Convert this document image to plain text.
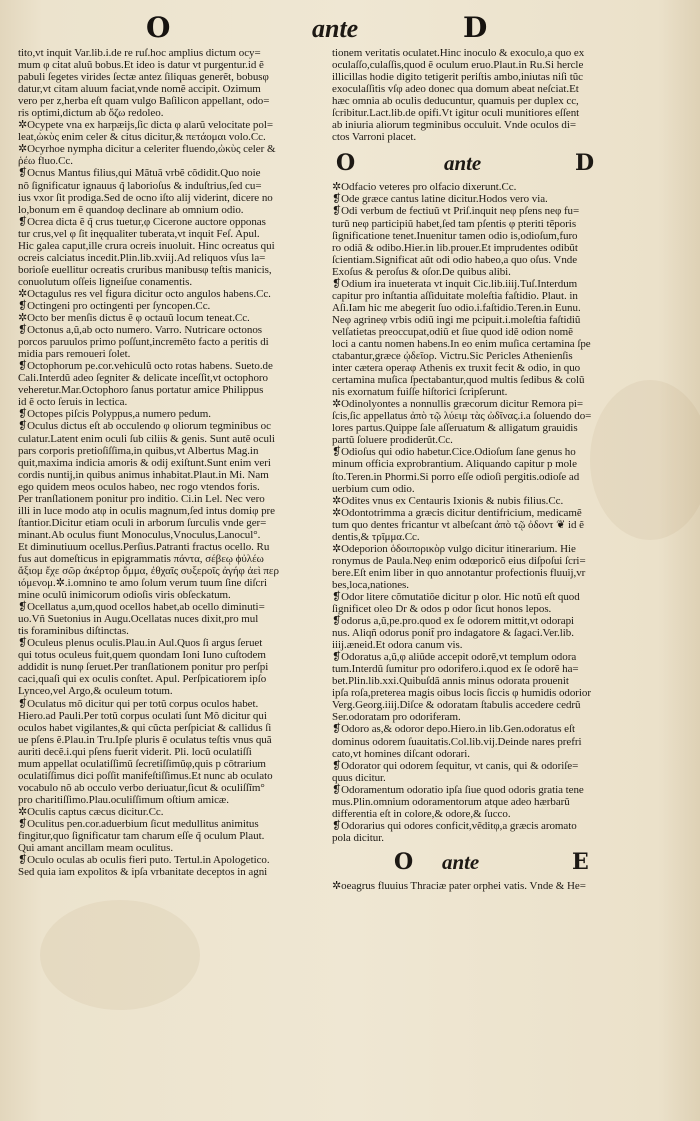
O	ante	D
tito,vt inquit Var.lib.i.de re ruſ.hoc amplius dictum ocy=
mum φ citat aluũ bobus.Et ideo is datur vt purgentur.id ẽ
pabuli ſegetes virides ſectæ antez ſiliquas generẽt, bobusφ
datur,vt citam aluum faciat,vnde nomẽ accipit. Ozimum
vero per z,herba eſt quam vulgo Baſilicon appellant, odo=
ris optimi,dictum ab ὄζω redoleo.
✲Ocypete vna ex harpæijs,ſic dicta φ alarũ velocitate pol=
leat,ὠκὺς enim celer & citus dicitur,& πετάομαι volo.Cc.
✲Ocyrhoe nympha dicitur a celeriter fluendo,ὠκὺς celer &
ῥέω fluo.Cc.
❡Ocnus Mantus filius,qui Mãtuã vrbẽ cõdidit.Quo noie
nõ ſignificatur ignauus q̃ laborioſus & induſtrius,ſed cu=
ius vxor ſit prodiga.Sed de ocno iſto alij viderint, dicere no
lo,bonum em ẽ quandoφ declinare ab omnium odio.
❡Ocrea dicta ẽ q̃ crus tuetur,φ Cicerone auctore opponas
tur crus,vel φ ſit inęqualiter tuberata,vt inquit Feſ. Apul.
Hic galea caput,ille crura ocreis inuoluit. Hinc ocreatus qui
ocreis calciatus incedit.Plin.lib.xviij.Ad reliquos vſus la=
borioſe euellitur ocreatis cruribus manibusφ teſtis manicis,
conuolutum oſſeis ligneiſue conamentis.
✲Octagulus res vel figura dicitur octo angulos habens.Cc.
❡Octingeni pro octingenti per ſyncopen.Cc.
✲Octo ber menſis dictus ẽ φ octauũ locum teneat.Cc.
❡Octonus a,ũ,ab octo numero. Varro. Nutricare octonos
porcos paruulos primo poſſunt,incremẽto facto a peritis di
midia pars remoueri ſolet.
❡Octophorum pe.cor.vehiculũ octo rotas habens. Sueto.de
Cali.Interdũ adeo ſegniter & delicate inceſſit,vt octophoro
veheretur.Mar.Octophoro ſanus portatur amice Philippus
id ẽ octo ſeruis in lectica.
❡Octopes piſcis Polyppus,a numero pedum.
❡Oculus dictus eſt ab occulendo φ oliorum tegminibus oc
culatur.Latent enim oculi ſub ciliis & genis. Sunt autẽ oculi
pars corporis pretioſiſſima,in quibus,vt Albertus Mag.in
quit,maxima indicia amoris & odij exiſtunt.Sunt enim veri
cordis nuntij,in quibus animus inhabitat.Plaut.in Mi. Nam
ego quidem meos oculos habeo, nec rogo vtendos foris.
Per tranſlationem ponitur pro inditio. Ci.in Lel. Nec vero
illi in luce modo atφ in oculis magnum,ſed intus domiφ pre
ſtantior.Dicitur etiam oculi in arborum ſurculis vnde ger=
minant.Ab oculus fiunt Monoculus,Vnoculus,Lanocul°.
Et diminutiuum ocellus.Perſius.Patranti fractus ocello. Ru
fus aut domeſticus in epigrammatis πάντα, σέβεῳ ϕὐλέω
ἄξιομ ἔχε σῶρ ἀκέρτορ ὄμμα, ἐθχαῖς συξεροῖς ἀγήφ ἀεὶ περ
ιόμενομ.✲.i.omnino te amo ſolum verum tuum ſine diſcri
mine oculũ inimicorum odioſis viris obſeckatum.
❡Ocellatus a,um,quod ocellos habet,ab ocello diminuti=
uo.Vñ Suetonius in Augu.Ocellatas nuces dixit,pro mul
tis foraminibus diſtinctas.
❡Oculeus plenus oculis.Plau.in Aul.Quos ſi argus ſeruet
qui totus oculeus fuit,quem quondam Ioni Iuno cuſtodem
addidit is nunφ ſeruet.Per tranſlationem ponitur pro perſpi
caci,quaſi qui ex oculis conſtet. Apul. Perſpicatiorem ipſo
Lynceo,vel Argo,& oculeum totum.
❡Oculatus mõ dicitur qui per totũ corpus oculos habet.
Hiero.ad Pauli.Per totũ corpus oculati ſunt Mõ dicitur qui
oculos habet vigilantes,& qui cũcta perſpiciat & callidus ſi
ue pſens ẽ.Plau.in Tru.Ipſe pluris ẽ oculatus teſtis vnus quã
auriti decẽ.i.qui pſens fuerit viderit. Pli. locũ oculatiſſi
mum appellat oculatiſſimũ ſecretiſſimũφ,quis p cõtrarium
oculatiſſimus dici poſſit manifeſtiſſimus.Et nunc ab oculato
vocabulo nõ ab occulo verbo deriuatur,ſicut & oculiſſĩm°
pro charitiſſimo.Plau.oculiſſimum oſtium amicæ.
✲Oculis captus cæcus dicitur.Cc.
❡Oculitus pen.cor.aduerbium ſicut medullitus animitus
fingitur,quo ſignificatur tam charum eſſe q̃ oculum Plaut.
Qui amant ancillam meam oculitus.
❡Oculo oculas ab oculis fieri puto. Tertul.in Apologetico.
Sed quia iam expolitos & ipſa vrbanitate deceptos in agni
tionem veritatis oculatet.Hinc inoculo & exoculo,a quo ex
oculaſſo,culaſſis,quod ẽ oculum eruo.Plaut.in Ru.Si hercle
illicillas hodie digito tetigerit periſtis ambo,iniutas niſi tũc
exoculaſſitis vſφ adeo donec qua domum abeat neſciat.Et
hæc omnia ab oculis deducuntur, quamuis per duplex cc,
ſcribitur.Lact.lib.de opifi.Vt igitur oculi munitiores eſſent
ab iniuria aliorum tegminibus occuluit. Vnde oculos di=
ctos Varroni placet.
O	ante	D
✲Odfacio veteres pro olfacio dixerunt.Cc.
❡Ode græce cantus latine dicitur.Hodos vero via.
❡Odi verbum de fectiuũ vt Priſ.inquit neφ pſens neφ fu=
turũ neφ participiũ habet,ſed tam pſentis φ pteriti tẽporis
ſignificatione tenet.Inuenitur tamen odio is,odioſum,furo
ro odiã & odibo.Hier.in lib.prouer.Et imprudentes odibũt
ſcientiam.Significat aũt odi odio habeo,a quo oſus. Vnde
Exoſus & peroſus & oſor.De quibus alibi.
❡Odium ira inueterata vt inquit Cic.lib.iiij.Tuſ.Interdum
capitur pro inſtantia aſſiduitate moleſtia faſtidio. Plaut. in
Aſi.Iam hic me abegerit ſuo odio.i.faſtidio.Teren.in Eunu.
Neφ agrineφ vrbis odiũ ingi me pcipuit.i.moleſtia faſtidiũ
velſatietas preoccupat,odiũ et ſiue quod idẽ odion nomẽ
loci a cantu nomen habens.In eo enim muſica certamina ſpe
ctabantur,græce ᾠδεῖορ. Victru.Sic Pericles Athenienſis
inter cætera operaφ Athenis ex truxit fecit & odio, in quo
certamina muſica ſpectabantur,quod multis ſedibus & colũ
nis exornatum fuiſſe hiſtorici ſcripſerunt.
✲Odinolyontes a nonnullis græcorum dicitur Remora pi=
ſcis,ſic appellatus ἀπὸ τῷ λύειμ τὰς ὠδῖνας.i.a ſoluendo do=
lores partus.Quippe ſale aſſeruatum & alligatum grauidis
partũ ſoluere prodiderũt.Cc.
❡Odioſus qui odio habetur.Cice.Odioſum ſane genus ho
minum officia exprobrantium. Aliquando capitur p mole
ſto.Teren.in Phormi.Si porro eſſe odioſi pergitis.odioſe ad
uerbium cum odio.
✲Odites vnus ex Centauris Ixionis & nubis filius.Cc.
✲Odontotrimma a græcis dicitur dentifricium, medicamẽ
tum quo dentes fricantur vt albeſcant ἀπὸ τῷ ὀδοντ ❦ id ẽ
dentis,& τρῖμμα.Cc.
✲Odeporion ὁδοιπορικὸρ vulgo dicitur itinerarium. Hie
ronymus de Paula.Neφ enim odœporicõ eius diſpoſui ſcri=
bere.Eſt enim liber in quo annotantur profectionis fluuij,vr
bes,loca,nationes.
❡Odor litere cõmutatiõe dicitur p olor. Hic notũ eſt quod
ſignificet oleo Dr & odos p odor ſicut honos lepos.
❡odorus a,ũ,pe.pro.quod ex ſe odorem mittit,vt odorapi
nus. Aliqñ odorus ponit̃ pro indagatore & ſagaci.Ver.lib.
iiij.æneid.Et odora canum vis.
❡Odoratus a,ũ,φ aliũde accepit odorẽ,vt templum odora
tum.Interdũ ſumitur pro odorifero.i.quod ex ſe odorẽ ha=
bet.Plin.lib.xxi.Quibuſdã annis minus odorata prouenit
ipſa roſa,preterea magis oibus locis ſiccis φ humidis odorior
Verg.Georg.iiij.Diſce & odoratam ſtabulis accedere cedrũ
Ser.odoratam pro odoriferam.
❡Odoro as,& odoror depo.Hiero.in lib.Gen.odoratus eſt
dominus odorem ſuauitatis.Col.lib.vij.Deinde nares prefri
cato,vt homines diſcant odorari.
❡Odorator qui odorem ſequitur, vt canis, qui & odoriſe=
quus dicitur.
❡Odoramentum odoratio ipſa ſiue quod odoris gratia tene
mus.Plin.omnium odoramentorum atque adeo hærbarũ
differentia eſt in colore,& odore,& ſucco.
❡Odorarius qui odores conficit,vẽditφ,a græcis aromato
pola dicitur.
O ante	E
✲oeagrus fluuius Thraciæ pater orphei vatis. Vnde & He=
